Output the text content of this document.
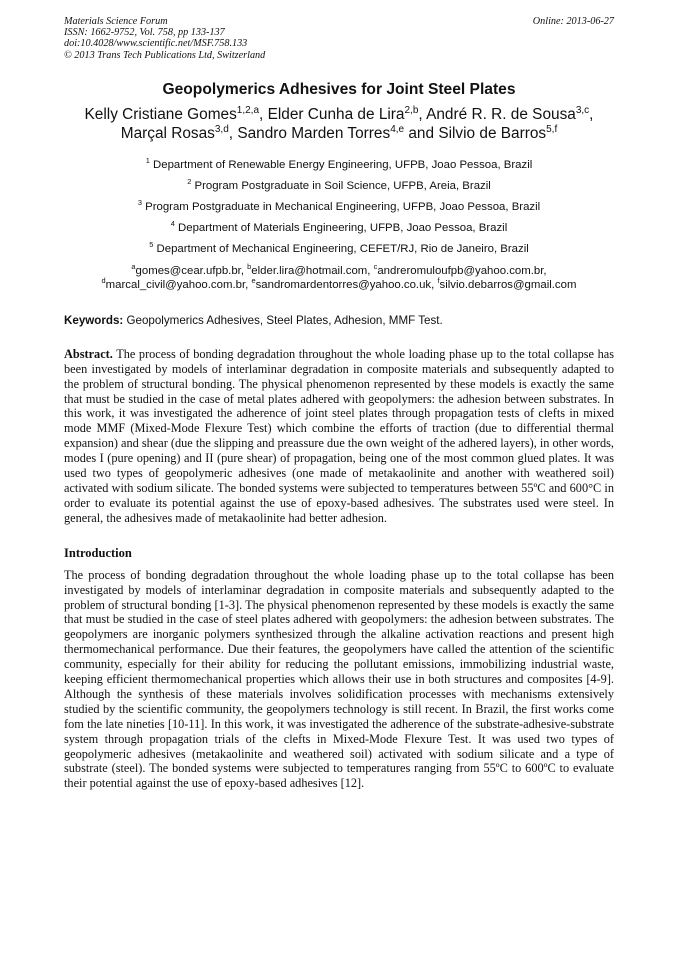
Materials Science Forum
ISSN: 1662-9752, Vol. 758, pp 133-137
doi:10.4028/www.scientific.net/MSF.758.133
© 2013 Trans Tech Publications Ltd, Switzerland
Online: 2013-06-27
Geopolymerics Adhesives for Joint Steel Plates
Kelly Cristiane Gomes$^{1,2,a}$, Elder Cunha de Lira$^{2,b}$, André R. R. de Sousa$^{3,c}$,
Marçal Rosas$^{3,d}$, Sandro Marden Torres$^{4,e}$ and Silvio de Barros$^{5,f}$
$^1$ Department of Renewable Energy Engineering, UFPB, Joao Pessoa, Brazil
$^2$ Program Postgraduate in Soil Science, UFPB, Areia, Brazil
$^3$ Program Postgraduate in Mechanical Engineering, UFPB, Joao Pessoa, Brazil
$^4$ Department of Materials Engineering, UFPB, Joao Pessoa, Brazil
$^5$ Department of Mechanical Engineering, CEFET/RJ, Rio de Janeiro, Brazil
$^a$gomes@cear.ufpb.br, $^b$elder.lira@hotmail.com, $^c$andreromuloufpb@yahoo.com.br,
$^d$marcal_civil@yahoo.com.br, $^e$sandromardentorres@yahoo.co.uk, $^f$silvio.debarros@gmail.com
Keywords: Geopolymerics Adhesives, Steel Plates, Adhesion, MMF Test.
Abstract. The process of bonding degradation throughout the whole loading phase up to the total collapse has been investigated by models of interlaminar degradation in composite materials and subsequently adapted to the problem of structural bonding. The physical phenomenon represented by these models is exactly the same that must be studied in the case of metal plates adhered with geopolymers: the adhesion between substrates. In this work, it was investigated the adherence of joint steel plates through propagation tests of clefts in mixed mode MMF (Mixed-Mode Flexure Test) which combine the efforts of traction (due to differential thermal expansion) and shear (due the slipping and preassure due the own weight of the adhered layers), in other words, modes I (pure opening) and II (pure shear) of propagation, being one of the most common glued plates. It was used two types of geopolymeric adhesives (one made of metakaolinite and another with weathered soil) activated with sodium silicate. The bonded systems were subjected to temperatures between 55ºC and 600°C in order to evaluate its potential against the use of epoxy-based adhesives. The substrates used were steel. In general, the adhesives made of metakaolinite had better adhesion.
Introduction
The process of bonding degradation throughout the whole loading phase up to the total collapse has been investigated by models of interlaminar degradation in composite materials and subsequently adapted to the problem of structural bonding [1-3]. The physical phenomenon represented by these models is exactly the same that must be studied in the case of steel plates adhered with geopolymers: the adhesion between substrates. The geopolymers are inorganic polymers synthesized through the alkaline activation reactions and present high thermomechanical performance. Due their features, the geopolymers have called the attention of the scientific community, especially for their ability for reducing the pollutant emissions, immobilizing industrial waste, keeping efficient thermomechanical properties which allows their use in both structures and composites [4-9]. Although the synthesis of these materials involves solidification processes with mechanisms extensively studied by the scientific community, the geopolymers technology is still recent. In Brazil, the first works come fom the late nineties [10-11]. In this work, it was investigated the adherence of the substrate-adhesive-substrate system through propagation trials of the clefts in Mixed-Mode Flexure Test. It was used two types of geopolymeric adhesives (metakaolinite and weathered soil) activated with sodium silicate and a type of substrate (steel). The bonded systems were subjected to temperatures ranging from 55ºC to 600ºC to evaluate their potential against the use of epoxy-based adhesives [12].
